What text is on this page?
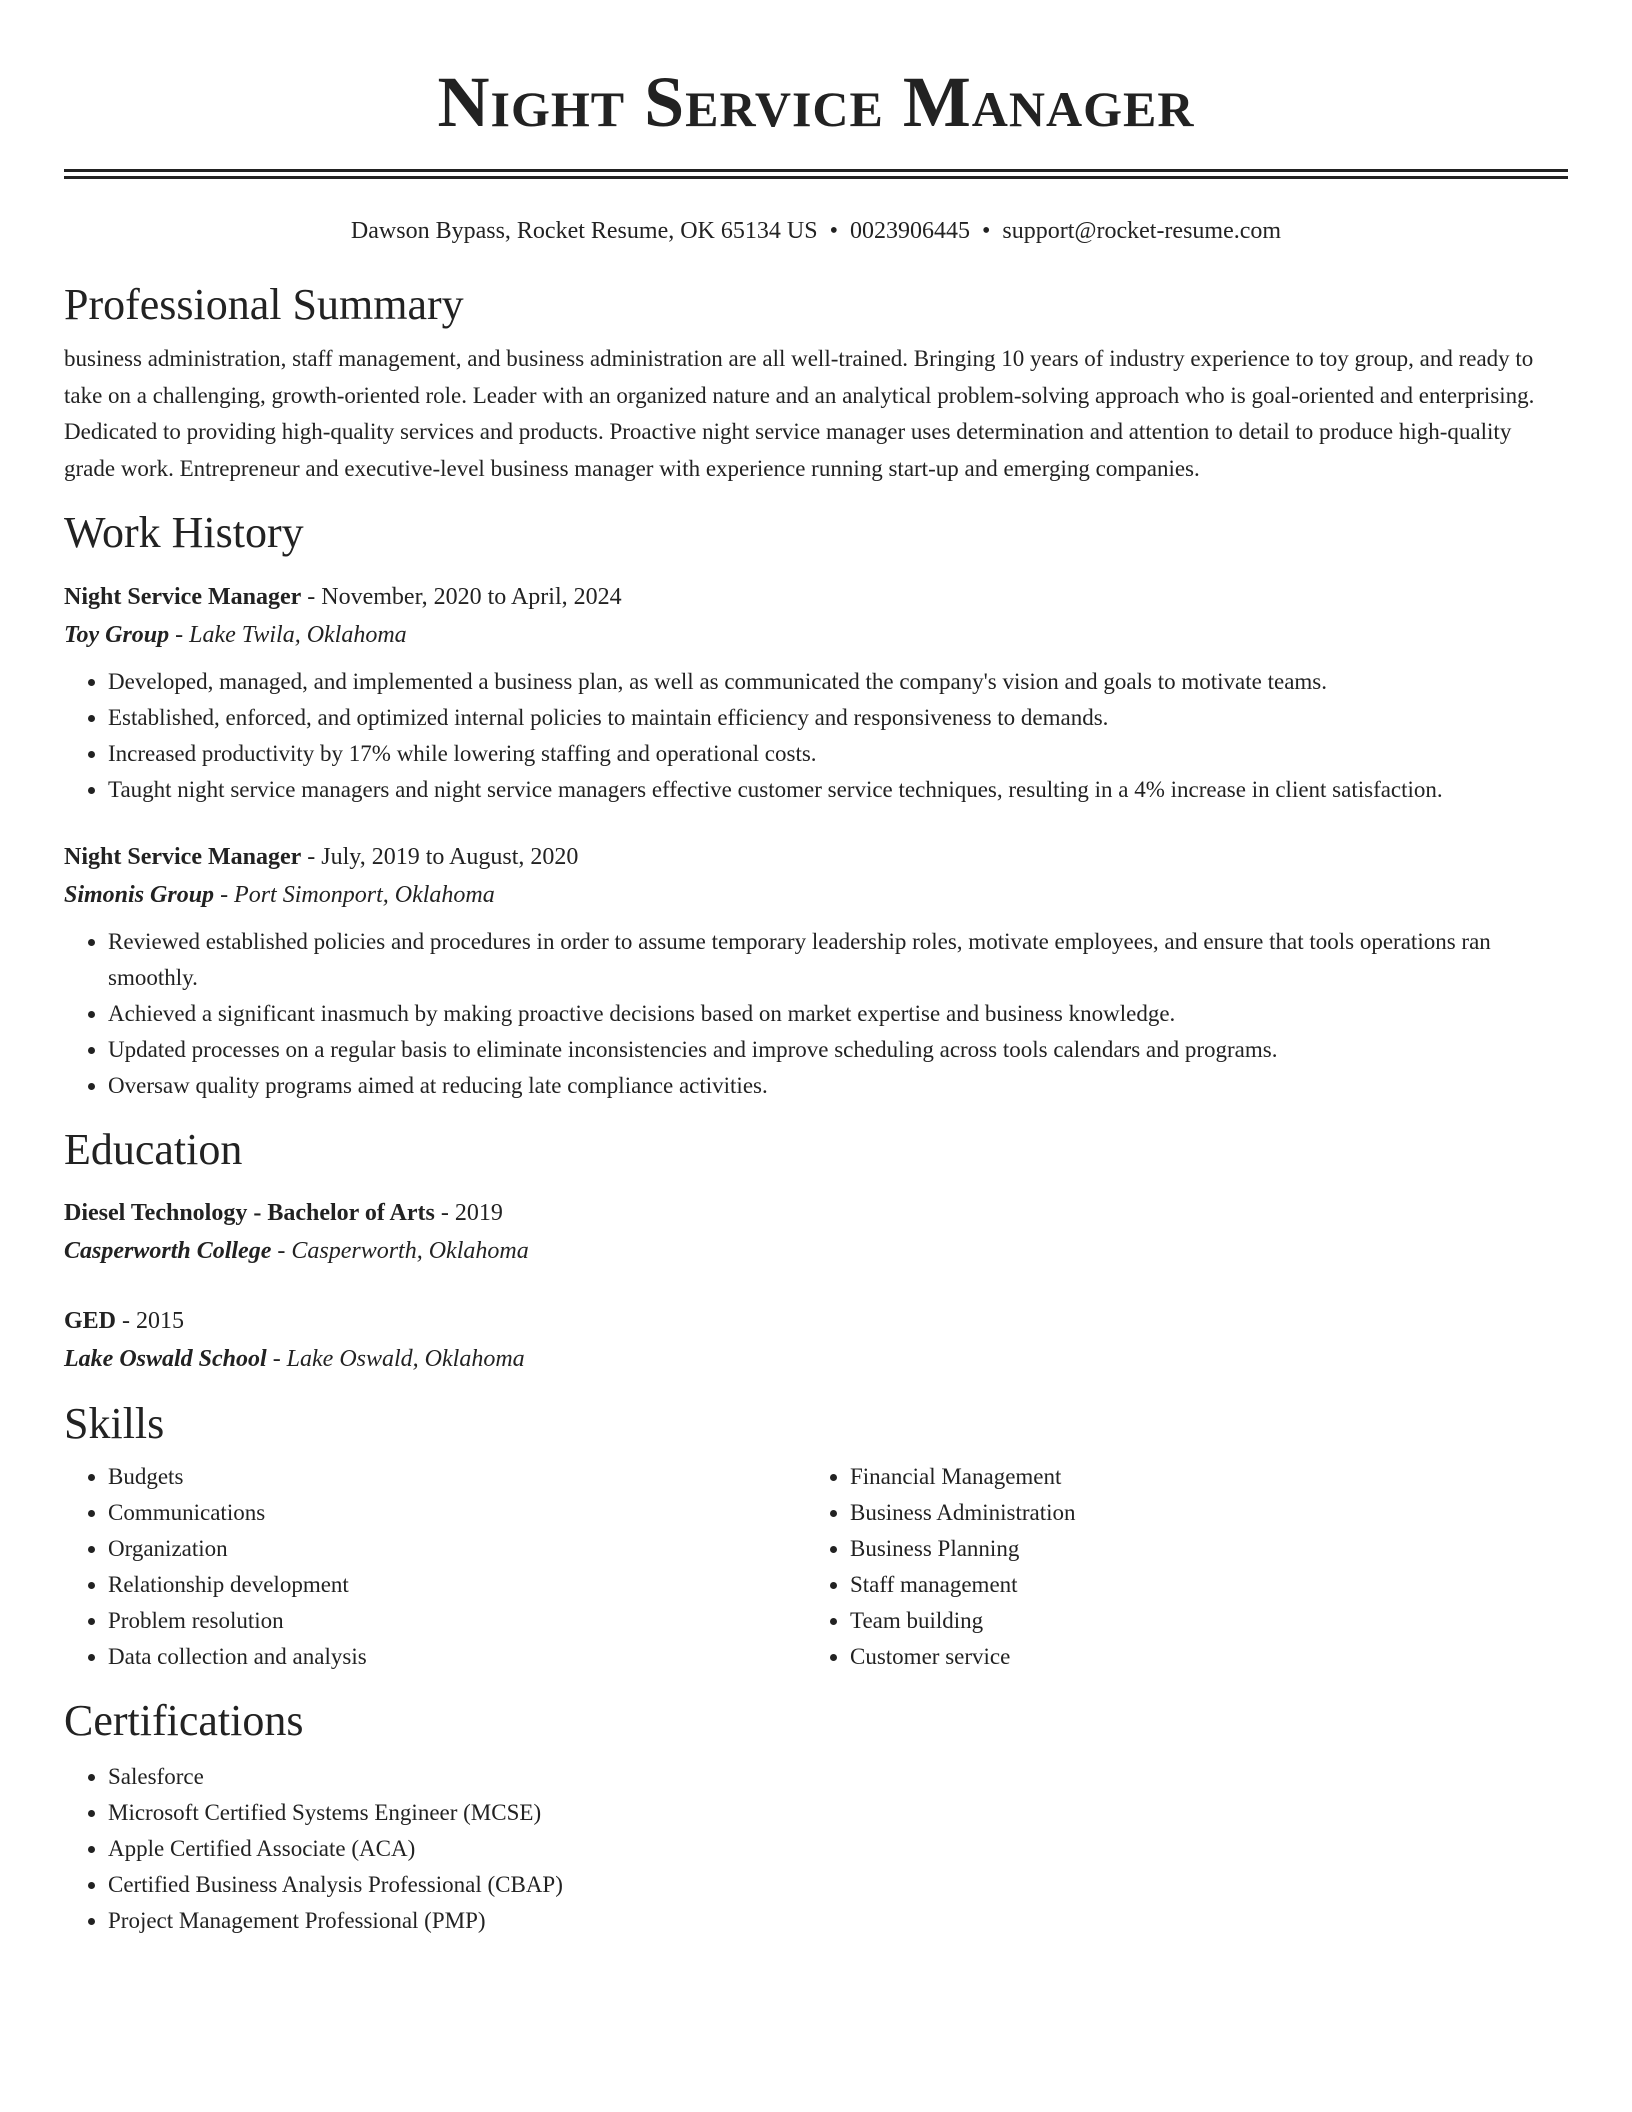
Night Service Manager
Dawson Bypass, Rocket Resume, OK 65134 US • 0023906445 • support@rocket-resume.com
Professional Summary

business administration, staff management, and business administration are all well-trained. Bringing 10 years of industry experience to toy group, and ready to take on a challenging, growth-oriented role. Leader with an organized nature and an analytical problem-solving approach who is goal-oriented and enterprising. Dedicated to providing high-quality services and products. Proactive night service manager uses determination and attention to detail to produce high-quality grade work. Entrepreneur and executive-level business manager with experience running start-up and emerging companies.

Work History
Night Service Manager - November, 2020 to April, 2024
Toy Group - Lake Twila, Oklahoma
• Developed, managed, and implemented a business plan, as well as communicated the company's vision and goals to motivate teams.
• Established, enforced, and optimized internal policies to maintain efficiency and responsiveness to demands.
• Increased productivity by 17% while lowering staffing and operational costs.
• Taught night service managers and night service managers effective customer service techniques, resulting in a 4% increase in client satisfaction.
Night Service Manager - July, 2019 to August, 2020
Simonis Group - Port Simonport, Oklahoma
• Reviewed established policies and procedures in order to assume temporary leadership roles, motivate employees, and ensure that tools operations ran smoothly.
• Achieved a significant inasmuch by making proactive decisions based on market expertise and business knowledge.
• Updated processes on a regular basis to eliminate inconsistencies and improve scheduling across tools calendars and programs.
• Oversaw quality programs aimed at reducing late compliance activities.
Education
Diesel Technology - Bachelor of Arts - 2019
Casperworth College - Casperworth, Oklahoma
GED - 2015
Lake Oswald School - Lake Oswald, Oklahoma
Skills
• Budgets
• Communications
• Organization
• Relationship development
• Problem resolution
• Data collection and analysis
• Financial Management
• Business Administration
• Business Planning
• Staff management
• Team building
• Customer service
Certifications
• Salesforce
• Microsoft Certified Systems Engineer (MCSE)
• Apple Certified Associate (ACA)
• Certified Business Analysis Professional (CBAP)
• Project Management Professional (PMP)
